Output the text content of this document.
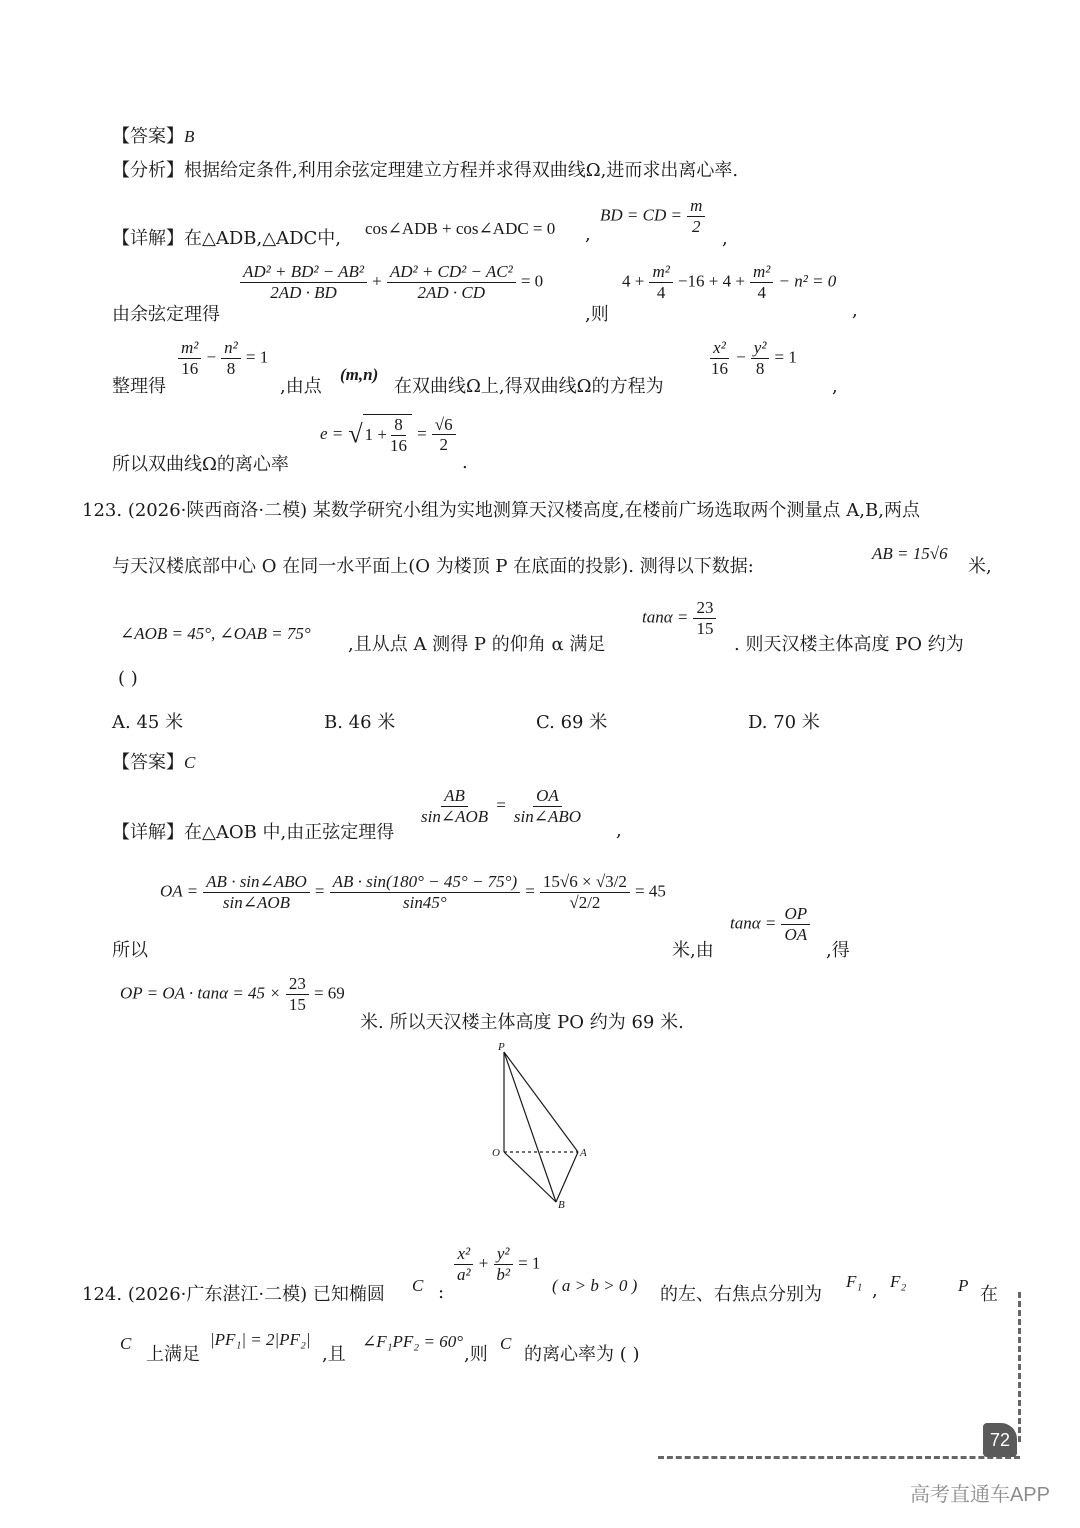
【答案】B
【分析】根据给定条件,利用余弦定理建立方程并求得双曲线Ω,进而求出离心率.
【详解】在△ADB,△ADC中, cos∠ADB + cos∠ADC = 0 ,
BD = CD = $\frac{m}{2}$
,
由余弦定理得
$\frac{\text{AD² + BD² − AB²}}{2AD \cdot BD} + \frac{\text{AD² + CD² − AC²}}{2AD \cdot CD} = 0$
,则
$4 + \frac{\text{m²}}{4} -16 + 4 + \frac{\text{m²}}{4} - n^2 = 0$
,
整理得
$\frac{\text{m²}}{16} - \frac{\text{n²}}{8} = 1$
,由点
(m,n)
在双曲线Ω上,得双曲线Ω的方程为
$\frac{\text{x²}}{16} - \frac{\text{y²}}{8} = 1$
,
所以双曲线Ω的离心率
e = √ $1 + \frac{8}{16} = \frac{√6}{2}$
.
123. (2026·陕西商洛·二模) 某数学研究小组为实地测算天汉楼高度,在楼前广场选取两个测量点 A,B,两点
与天汉楼底部中心 O 在同一水平面上(O 为楼顶 P 在底面的投影). 测得以下数据:
AB = 15√6
米,
∠AOB = 45°, ∠OAB = 75°
,且从点 A 测得 P 的仰角 α 满足
$\tan\alpha = \frac{23}{15}$
. 则天汉楼主体高度 PO 约为
( )
A. 45 米	B. 46 米	C. 69 米	D. 70 米
【答案】C
【详解】在△AOB 中,由正弦定理得
$\frac{AB}{\text{sin∠AOB}} = \frac{OA}{\text{sin∠ABO}}$
,
所以
OA = $\frac{\text{AB · sin∠ABO}}{\text{sin∠AOB}} = \frac{AB \cdot \sin(180^\circ - 45^\circ - 75^\circ)}{\sin 45^\circ} = \frac{15√6 \times √3/2}{√2/2} = 45$
米,由
$\tan\alpha = \frac{OP}{OA}$
,得
OP = OA · $\tan\alpha = 45 \times \frac{23}{15} = 69$
米. 所以天汉楼主体高度 PO 约为 69 米.
P
O	A
B
124. (2026·广东湛江·二模) 已知椭圆 C :
$\frac{\text{x²}}{\text{a²}} + \frac{\text{y²}}{\text{b²}} = 1$
( a > b > 0 ) 的左、右焦点分别为
F₁ , F₂	P 在
C
上满足
|PF₁| = 2|PF₂|
,且
∠F₁PF₂ = 60°
,则
C
的离心率为 ( )
72
高考直通车APP
